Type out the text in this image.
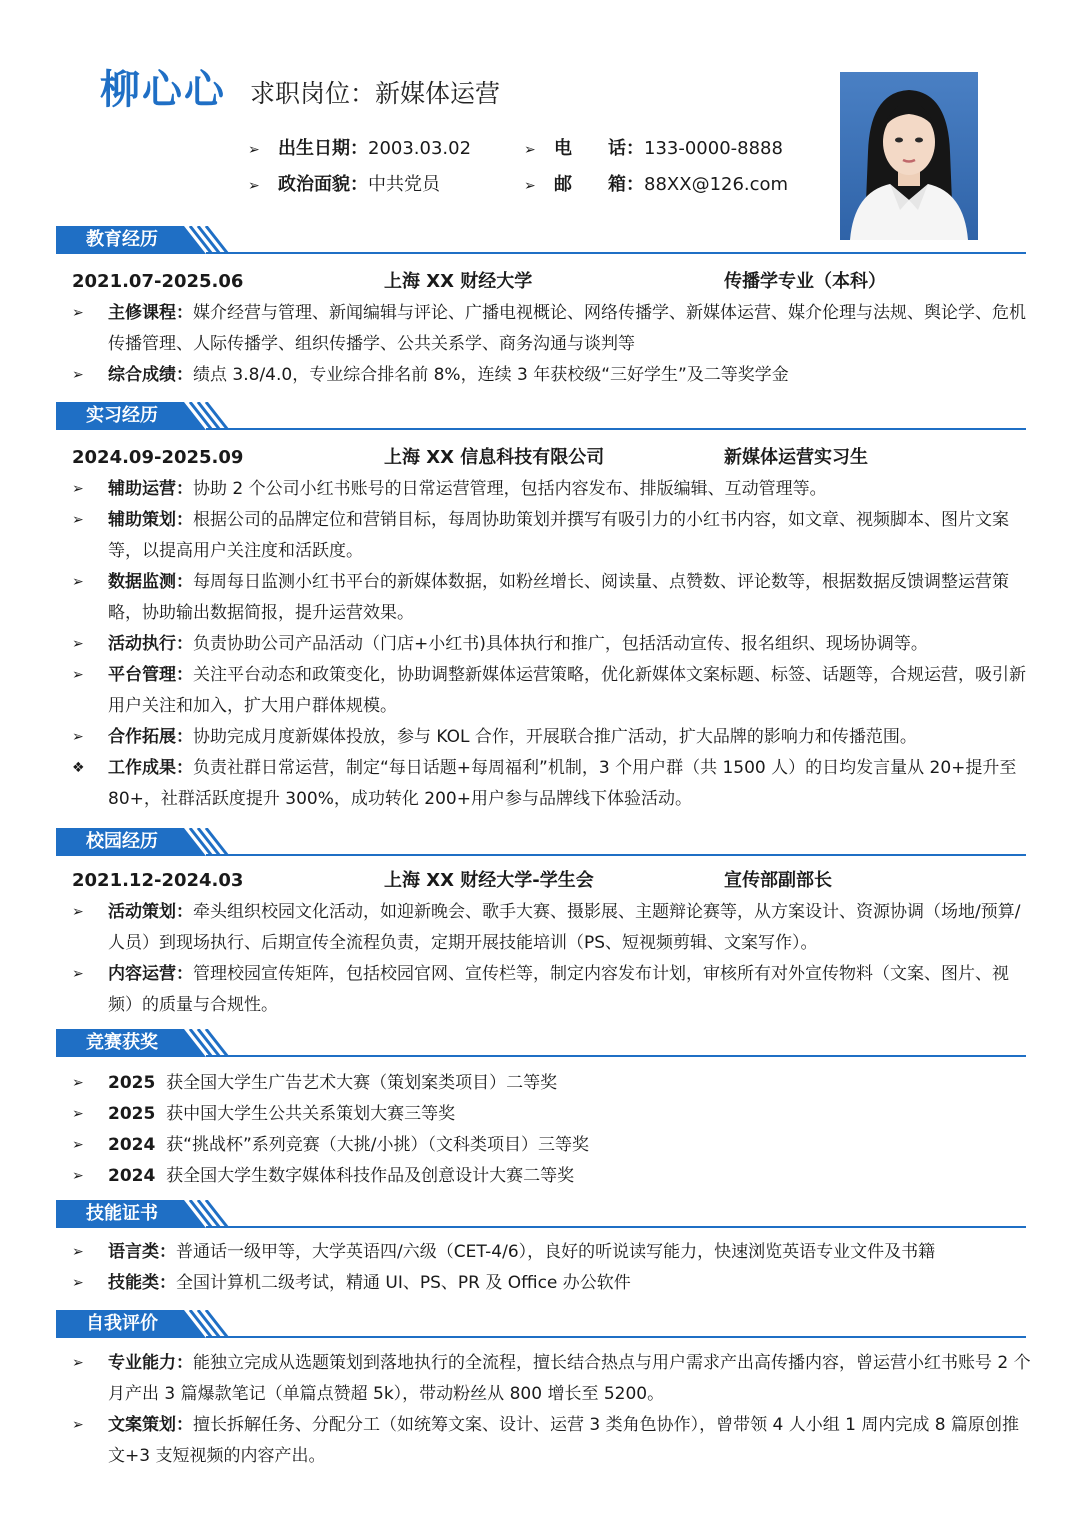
柳心心 求职岗位：新媒体运营
➢ 出生日期：2003.03.02	➢ 电　　话：133-0000-8888
➢ 政治面貌：中共党员	➢ 邮　　箱：88XX@126.com
教育经历
2021.07-2025.06	上海 XX 财经大学	传播学专业（本科）
➢ 主修课程：媒介经营与管理、新闻编辑与评论、广播电视概论、网络传播学、新媒体运营、媒介伦理与法规、舆论学、危机传播管理、人际传播学、组织传播学、公共关系学、商务沟通与谈判等
➢ 综合成绩：绩点 3.8/4.0，专业综合排名前 8%，连续 3 年获校级“三好学生”及二等奖学金
实习经历
2024.09-2025.09	上海 XX 信息科技有限公司	新媒体运营实习生
➢ 辅助运营：协助 2 个公司小红书账号的日常运营管理，包括内容发布、排版编辑、互动管理等。
➢ 辅助策划：根据公司的品牌定位和营销目标，每周协助策划并撰写有吸引力的小红书内容，如文章、视频脚本、图片文案等，以提高用户关注度和活跃度。
➢ 数据监测：每周每日监测小红书平台的新媒体数据，如粉丝增长、阅读量、点赞数、评论数等，根据数据反馈调整运营策略，协助输出数据简报，提升运营效果。
➢ 活动执行：负责协助公司产品活动（门店+小红书)具体执行和推广，包括活动宣传、报名组织、现场协调等。
➢ 平台管理：关注平台动态和政策变化，协助调整新媒体运营策略，优化新媒体文案标题、标签、话题等，合规运营，吸引新用户关注和加入，扩大用户群体规模。
➢ 合作拓展：协助完成月度新媒体投放，参与 KOL 合作，开展联合推广活动，扩大品牌的影响力和传播范围。
❖ 工作成果：负责社群日常运营，制定“每日话题+每周福利”机制，3 个用户群（共 1500 人）的日均发言量从 20+提升至 80+，社群活跃度提升 300%，成功转化 200+用户参与品牌线下体验活动。
校园经历
2021.12-2024.03	上海 XX 财经大学-学生会	宣传部副部长
➢ 活动策划：牵头组织校园文化活动，如迎新晚会、歌手大赛、摄影展、主题辩论赛等，从方案设计、资源协调（场地/预算/人员）到现场执行、后期宣传全流程负责，定期开展技能培训（PS、短视频剪辑、文案写作）。
➢ 内容运营：管理校园宣传矩阵，包括校园官网、宣传栏等，制定内容发布计划，审核所有对外宣传物料（文案、图片、视频）的质量与合规性。
竞赛获奖
➢ 2025 获全国大学生广告艺术大赛（策划案类项目）二等奖
➢ 2025 获中国大学生公共关系策划大赛三等奖
➢ 2024 获“挑战杯”系列竞赛（大挑/小挑）（文科类项目）三等奖
➢ 2024 获全国大学生数字媒体科技作品及创意设计大赛二等奖
技能证书
➢ 语言类：普通话一级甲等，大学英语四/六级（CET-4/6），良好的听说读写能力，快速浏览英语专业文件及书籍
➢ 技能类：全国计算机二级考试，精通 UI、PS、PR 及 Office 办公软件
自我评价
➢ 专业能力：能独立完成从选题策划到落地执行的全流程，擅长结合热点与用户需求产出高传播内容，曾运营小红书账号 2 个月产出 3 篇爆款笔记（单篇点赞超 5k），带动粉丝从 800 增长至 5200。
➢ 文案策划：擅长拆解任务、分配分工（如统筹文案、设计、运营 3 类角色协作），曾带领 4 人小组 1 周内完成 8 篇原创推文+3 支短视频的内容产出。
